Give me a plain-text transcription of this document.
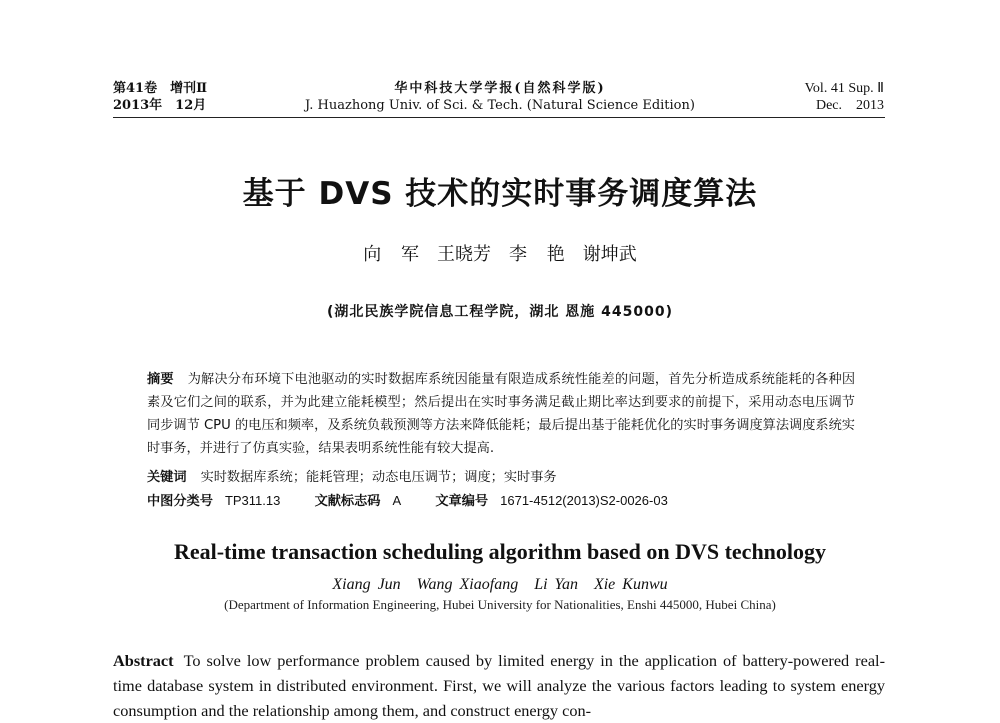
第41卷　增刊Ⅱ
2013年　12月
华中科技大学学报(自然科学版)
J. Huazhong Univ. of Sci. & Tech. (Natural Science Edition)
Vol. 41 Sup. Ⅱ
Dec.　2013
基于 DVS 技术的实时事务调度算法
向 军　王晓芳　李 艳　谢坤武
(湖北民族学院信息工程学院，湖北 恩施 445000)
摘要 为解决分布环境下电池驱动的实时数据库系统因能量有限造成系统性能差的问题，首先分析造成系统能耗的各种因素及它们之间的联系，并为此建立能耗模型；然后提出在实时事务满足截止期比率达到要求的前提下，采用动态电压调节同步调节 CPU 的电压和频率，及系统负载预测等方法来降低能耗；最后提出基于能耗优化的实时事务调度算法调度系统实时事务，并进行了仿真实验，结果表明系统性能有较大提高.
关键词 实时数据库系统；能耗管理；动态电压调节；调度；实时事务
中图分类号 TP311.13	文献标志码 A	文章编号 1671-4512(2013)S2-0026-03
Real-time transaction scheduling algorithm based on DVS technology
Xiang Jun　Wang Xiaofang　Li Yan　Xie Kunwu
(Department of Information Engineering, Hubei University for Nationalities, Enshi 445000, Hubei China)
Abstract To solve low performance problem caused by limited energy in the application of battery-powered real-time database system in distributed environment. First, we will analyze the various factors leading to system energy consumption and the relationship among them, and construct energy con-
